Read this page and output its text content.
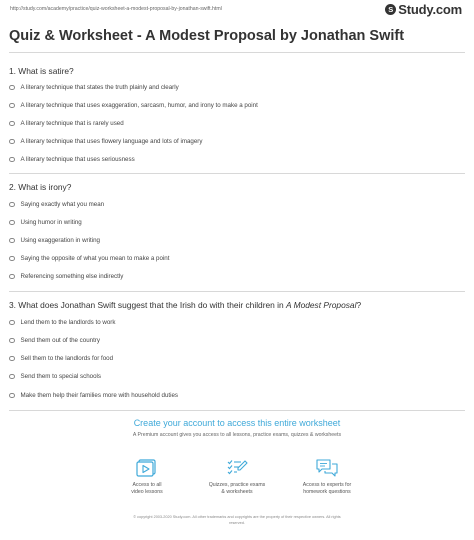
http://study.com/academy/practice/quiz-worksheet-a-modest-proposal-by-jonathan-swift.html	S Study.com
Quiz & Worksheet - A Modest Proposal by Jonathan Swift
1. What is satire?
A literary technique that states the truth plainly and clearly
A literary technique that uses exaggeration, sarcasm, humor, and irony to make a point
A literary technique that is rarely used
A literary technique that uses flowery language and lots of imagery
A literary technique that uses seriousness
2. What is irony?
Saying exactly what you mean
Using humor in writing
Using exaggeration in writing
Saying the opposite of what you mean to make a point
Referencing something else indirectly
3. What does Jonathan Swift suggest that the Irish do with their children in A Modest Proposal?
Lend them to the landlords to work
Send them out of the country
Sell them to the landlords for food
Send them to special schools
Make them help their families more with household duties
Create your account to access this entire worksheet
A Premium account gives you access to all lessons, practice exams, quizzes & worksheets
Access to all
video lessons
Quizzes, practice exams
& worksheets
Access to experts for
homework questions
© copyright 2003-2020 Study.com. All other trademarks and copyrights are the property of their respective owners. All rights
reserved.
